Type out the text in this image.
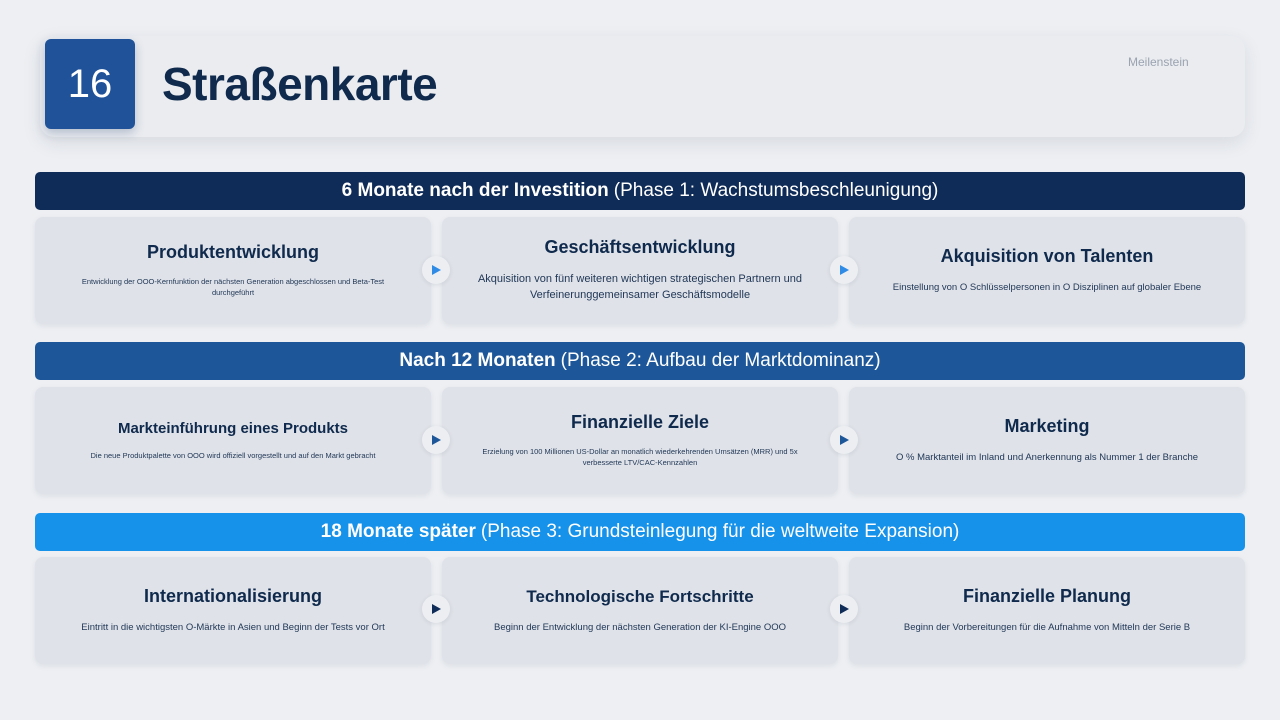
16	Straßenkarte	Meilenstein
6 Monate nach der Investition (Phase 1: Wachstumsbeschleunigung)
Produktentwicklung
Entwicklung der OOO-Kernfunktion der nächsten Generation abgeschlossen und Beta-Test durchgeführt
Geschäftsentwicklung
Akquisition von fünf weiteren wichtigen strategischen Partnern und Verfeinerunggemeinsamer Geschäftsmodelle
Akquisition von Talenten
Einstellung von O Schlüsselpersonen in O Disziplinen auf globaler Ebene
Nach 12 Monaten (Phase 2: Aufbau der Marktdominanz)
Markteinführung eines Produkts
Die neue Produktpalette von OOO wird offiziell vorgestellt und auf den Markt gebracht
Finanzielle Ziele
Erzielung von 100 Millionen US-Dollar an monatlich wiederkehrenden Umsätzen (MRR) und 5x verbesserte LTV/CAC-Kennzahlen
Marketing
O % Marktanteil im Inland und Anerkennung als Nummer 1 der Branche
18 Monate später (Phase 3: Grundsteinlegung für die weltweite Expansion)
Internationalisierung
Eintritt in die wichtigsten O-Märkte in Asien und Beginn der Tests vor Ort
Technologische Fortschritte
Beginn der Entwicklung der nächsten Generation der KI-Engine OOO
Finanzielle Planung
Beginn der Vorbereitungen für die Aufnahme von Mitteln der Serie B
